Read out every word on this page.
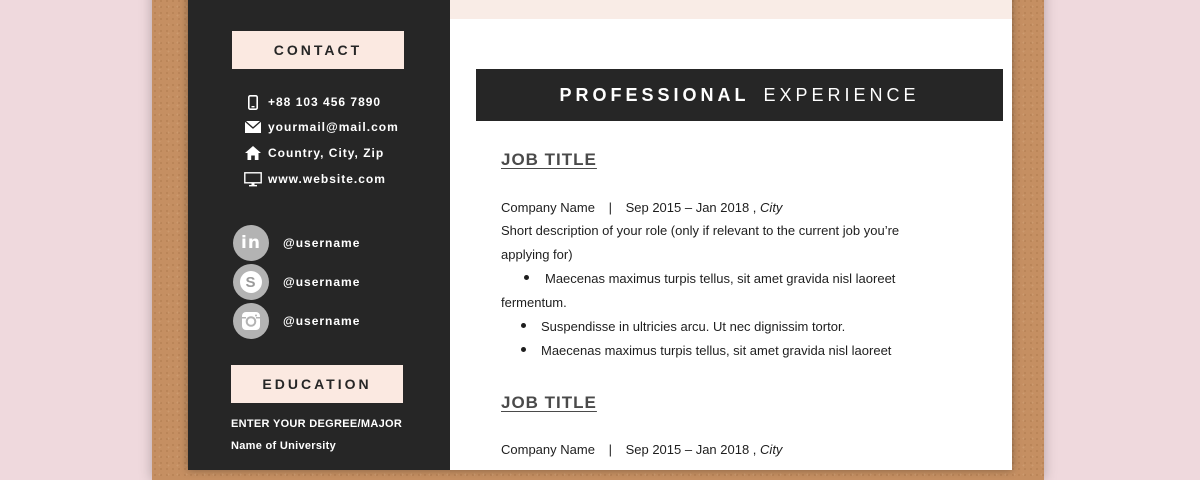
CONTACT
+88 103 456 7890
yourmail@mail.com
Country, City, Zip
www.website.com
in @username
S	@username
@username
EDUCATION
ENTER YOUR DEGREE/MAJOR
Name of University
PROFESSIONAL EXPERIENCE
JOB TITLE
Company Name | Sep 2015 – Jan 2018 , City
Short description of your role (only if relevant to the current job you’re
applying for)
Maecenas maximus turpis tellus, sit amet gravida nisl laoreet
fermentum.
Suspendisse in ultricies arcu. Ut nec dignissim tortor.
Maecenas maximus turpis tellus, sit amet gravida nisl laoreet
JOB TITLE
Company Name | Sep 2015 – Jan 2018 , City
